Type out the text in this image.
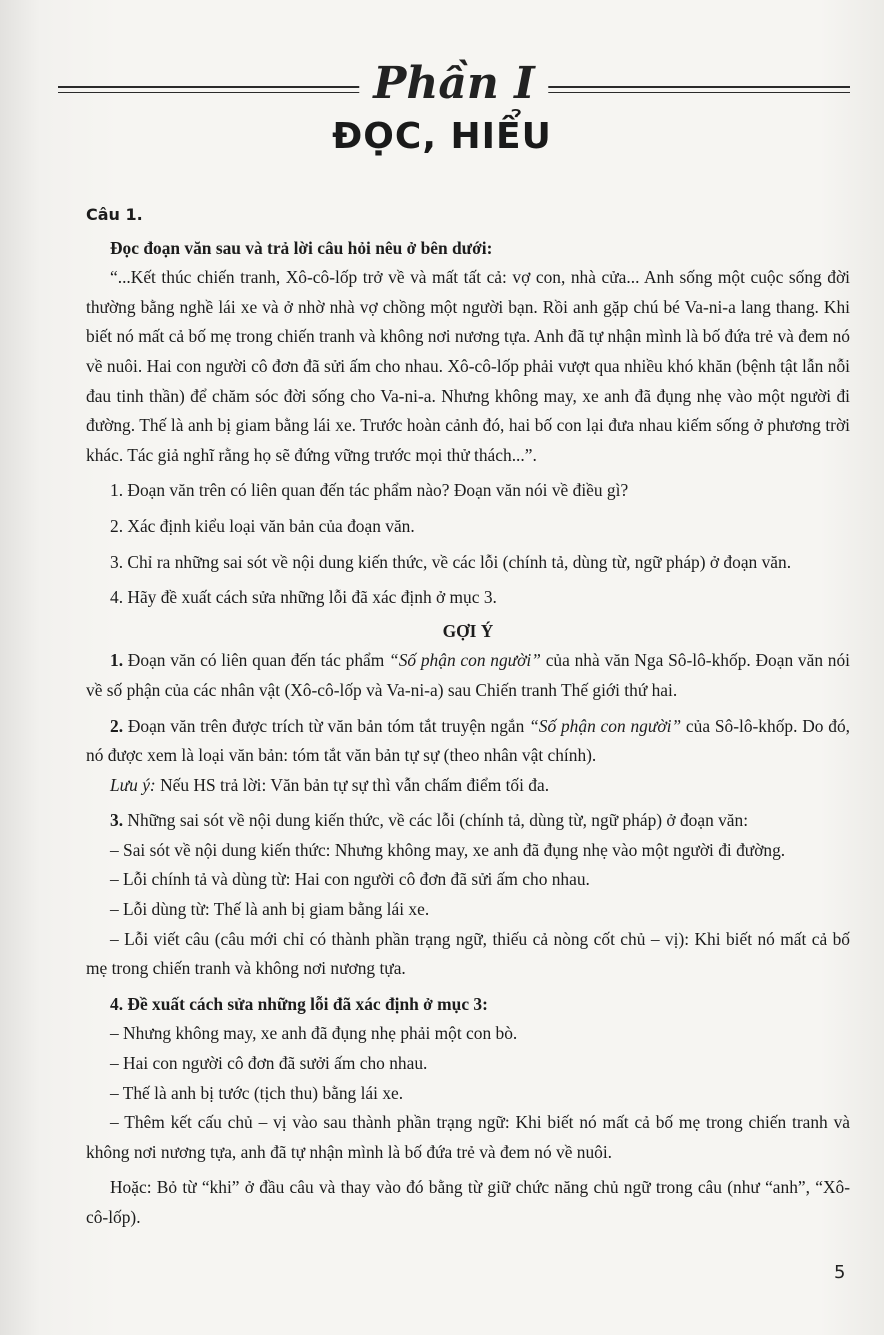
Phần I
ĐỌC, HIỂU

Câu 1.

Đọc đoạn văn sau và trả lời câu hỏi nêu ở bên dưới:

“...Kết thúc chiến tranh, Xô-cô-lốp trở về và mất tất cả: vợ con, nhà cửa... Anh sống một cuộc sống đời thường bằng nghề lái xe và ở nhờ nhà vợ chồng một người bạn. Rồi anh gặp chú bé Va-ni-a lang thang. Khi biết nó mất cả bố mẹ trong chiến tranh và không nơi nương tựa. Anh đã tự nhận mình là bố đứa trẻ và đem nó về nuôi. Hai con người cô đơn đã sửi ấm cho nhau. Xô-cô-lốp phải vượt qua nhiều khó khăn (bệnh tật lẫn nỗi đau tinh thần) để chăm sóc đời sống cho Va-ni-a. Nhưng không may, xe anh đã đụng nhẹ vào một người đi đường. Thế là anh bị giam bằng lái xe. Trước hoàn cảnh đó, hai bố con lại đưa nhau kiếm sống ở phương trời khác. Tác giả nghĩ rằng họ sẽ đứng vững trước mọi thử thách...”.

1. Đoạn văn trên có liên quan đến tác phẩm nào? Đoạn văn nói về điều gì?

2. Xác định kiểu loại văn bản của đoạn văn.

3. Chỉ ra những sai sót về nội dung kiến thức, về các lỗi (chính tả, dùng từ, ngữ pháp) ở đoạn văn.

4. Hãy đề xuất cách sửa những lỗi đã xác định ở mục 3.

GỢI Ý

1. Đoạn văn có liên quan đến tác phẩm “Số phận con người” của nhà văn Nga Sô-lô-khốp. Đoạn văn nói về số phận của các nhân vật (Xô-cô-lốp và Va-ni-a) sau Chiến tranh Thế giới thứ hai.

2. Đoạn văn trên được trích từ văn bản tóm tắt truyện ngắn “Số phận con người” của Sô-lô-khốp. Do đó, nó được xem là loại văn bản: tóm tắt văn bản tự sự (theo nhân vật chính).

Lưu ý: Nếu HS trả lời: Văn bản tự sự thì vẫn chấm điểm tối đa.

3. Những sai sót về nội dung kiến thức, về các lỗi (chính tả, dùng từ, ngữ pháp) ở đoạn văn:

– Sai sót về nội dung kiến thức: Nhưng không may, xe anh đã đụng nhẹ vào một người đi đường.

– Lỗi chính tả và dùng từ: Hai con người cô đơn đã sửi ấm cho nhau.

– Lỗi dùng từ: Thế là anh bị giam bằng lái xe.

– Lỗi viết câu (câu mới chỉ có thành phần trạng ngữ, thiếu cả nòng cốt chủ – vị): Khi biết nó mất cả bố mẹ trong chiến tranh và không nơi nương tựa.

4. Đề xuất cách sửa những lỗi đã xác định ở mục 3:

– Nhưng không may, xe anh đã đụng nhẹ phải một con bò.

– Hai con người cô đơn đã sưởi ấm cho nhau.

– Thế là anh bị tước (tịch thu) bằng lái xe.

– Thêm kết cấu chủ – vị vào sau thành phần trạng ngữ: Khi biết nó mất cả bố mẹ trong chiến tranh và không nơi nương tựa, anh đã tự nhận mình là bố đứa trẻ và đem nó về nuôi.

Hoặc: Bỏ từ “khi” ở đầu câu và thay vào đó bằng từ giữ chức năng chủ ngữ trong câu (như “anh”, “Xô-cô-lốp).

5
